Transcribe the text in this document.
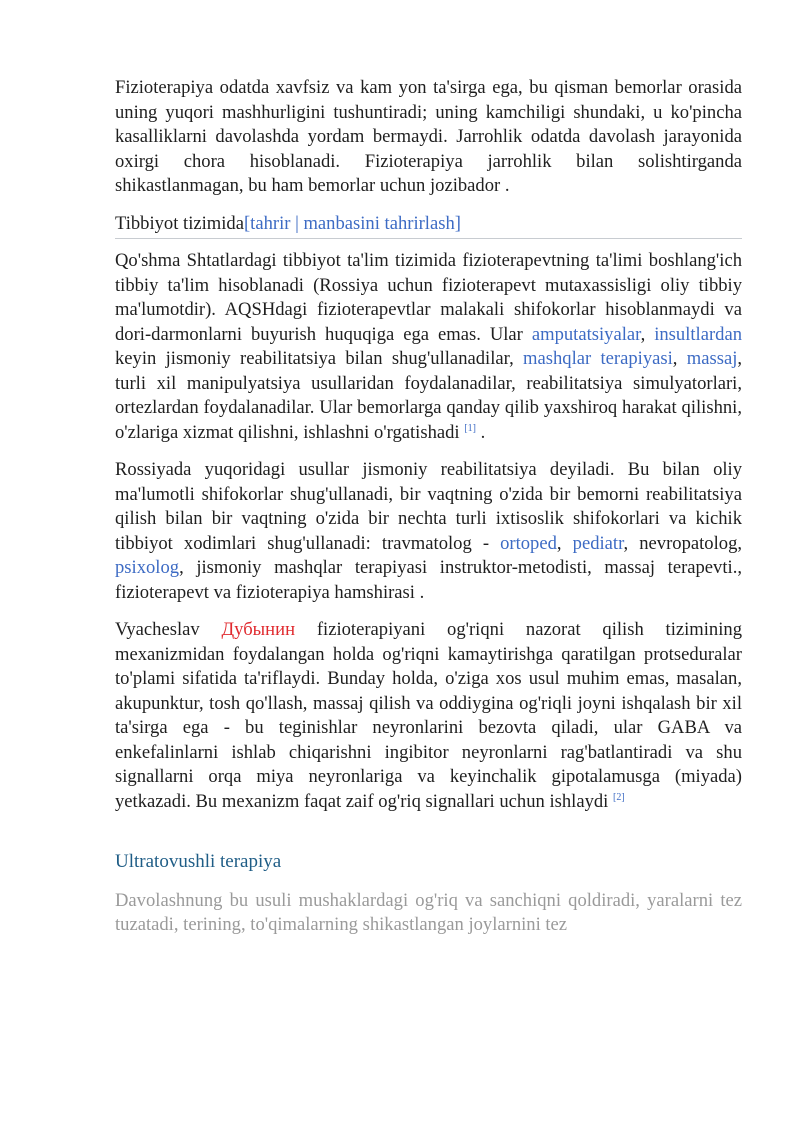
Fizioterapiya odatda xavfsiz va kam yon ta'sirga ega, bu qisman bemorlar orasida uning yuqori mashhurligini tushuntiradi; uning kamchiligi shundaki, u ko'pincha kasalliklarni davolashda yordam bermaydi. Jarrohlik odatda davolash jarayonida oxirgi chora hisoblanadi. Fizioterapiya jarrohlik bilan solishtirganda shikastlanmagan, bu ham bemorlar uchun jozibador .

Tibbiyot tizimida[tahrir | manbasini tahrirlash]

Qo'shma Shtatlardagi tibbiyot ta'lim tizimida fizioterapevtning ta'limi boshlang'ich tibbiy ta'lim hisoblanadi (Rossiya uchun fizioterapevt mutaxassisligi oliy tibbiy ma'lumotdir). AQSHdagi fizioterapevtlar malakali shifokorlar hisoblanmaydi va dori-darmonlarni buyurish huquqiga ega emas. Ular amputatsiyalar, insultlardan keyin jismoniy reabilitatsiya bilan shug'ullanadilar, mashqlar terapiyasi, massaj, turli xil manipulyatsiya usullaridan foydalanadilar, reabilitatsiya simulyatorlari, ortezlardan foydalanadilar. Ular bemorlarga qanday qilib yaxshiroq harakat qilishni, o'zlariga xizmat qilishni, ishlashni o'rgatishadi [1] .

Rossiyada yuqoridagi usullar jismoniy reabilitatsiya deyiladi. Bu bilan oliy ma'lumotli shifokorlar shug'ullanadi, bir vaqtning o'zida bir bemorni reabilitatsiya qilish bilan bir vaqtning o'zida bir nechta turli ixtisoslik shifokorlari va kichik tibbiyot xodimlari shug'ullanadi: travmatolog - ortoped, pediatr, nevropatolog, psixolog, jismoniy mashqlar terapiyasi instruktor-metodisti, massaj terapevti., fizioterapevt va fizioterapiya hamshirasi .

Vyacheslav Дубынин fizioterapiyani og'riqni nazorat qilish tizimining mexanizmidan foydalangan holda og'riqni kamaytirishga qaratilgan protseduralar to'plami sifatida ta'riflaydi. Bunday holda, o'ziga xos usul muhim emas, masalan, akupunktur, tosh qo'llash, massaj qilish va oddiygina og'riqli joyni ishqalash bir xil ta'sirga ega - bu teginishlar neyronlarini bezovta qiladi, ular GABA va enkefalinlarni ishlab chiqarishni ingibitor neyronlarni rag'batlantiradi va shu signallarni orqa miya neyronlariga va keyinchalik gipotalamusga (miyada) yetkazadi. Bu mexanizm faqat zaif og'riq signallari uchun ishlaydi [2]

Ultratovushli terapiya

Davolashnung bu usuli mushaklardagi og'riq va sanchiqni qoldiradi, yaralarni tez tuzatadi, terining, to'qimalarning shikastlangan joylarnini tez
